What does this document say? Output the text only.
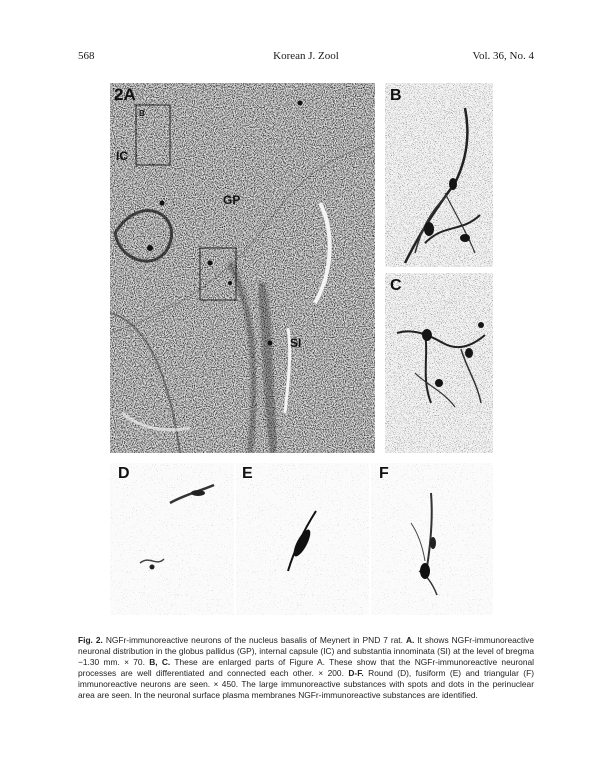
568	Korean J. Zool	Vol. 36, No. 4
2A
B
IC
GP
SI
B
C
D	E	F

Fig. 2. NGFr-immunoreactive neurons of the nucleus basalis of Meynert in PND 7 rat. A. It shows NGFr-immunoreactive neuronal distribution in the globus pallidus (GP), internal capsule (IC) and substantia innominata (SI) at the level of bregma −1.30 mm. × 70. B, C. These are enlarged parts of Figure A. These show that the NGFr-immunoreactive neuronal processes are well differentiated and connected each other. × 200. D-F. Round (D), fusiform (E) and triangular (F) immunoreactive neurons are seen. × 450. The large immunoreactive substances with spots and dots in the perinuclear area are seen. In the neuronal surface plasma membranes NGFr-immunoreactive substances are identified.
